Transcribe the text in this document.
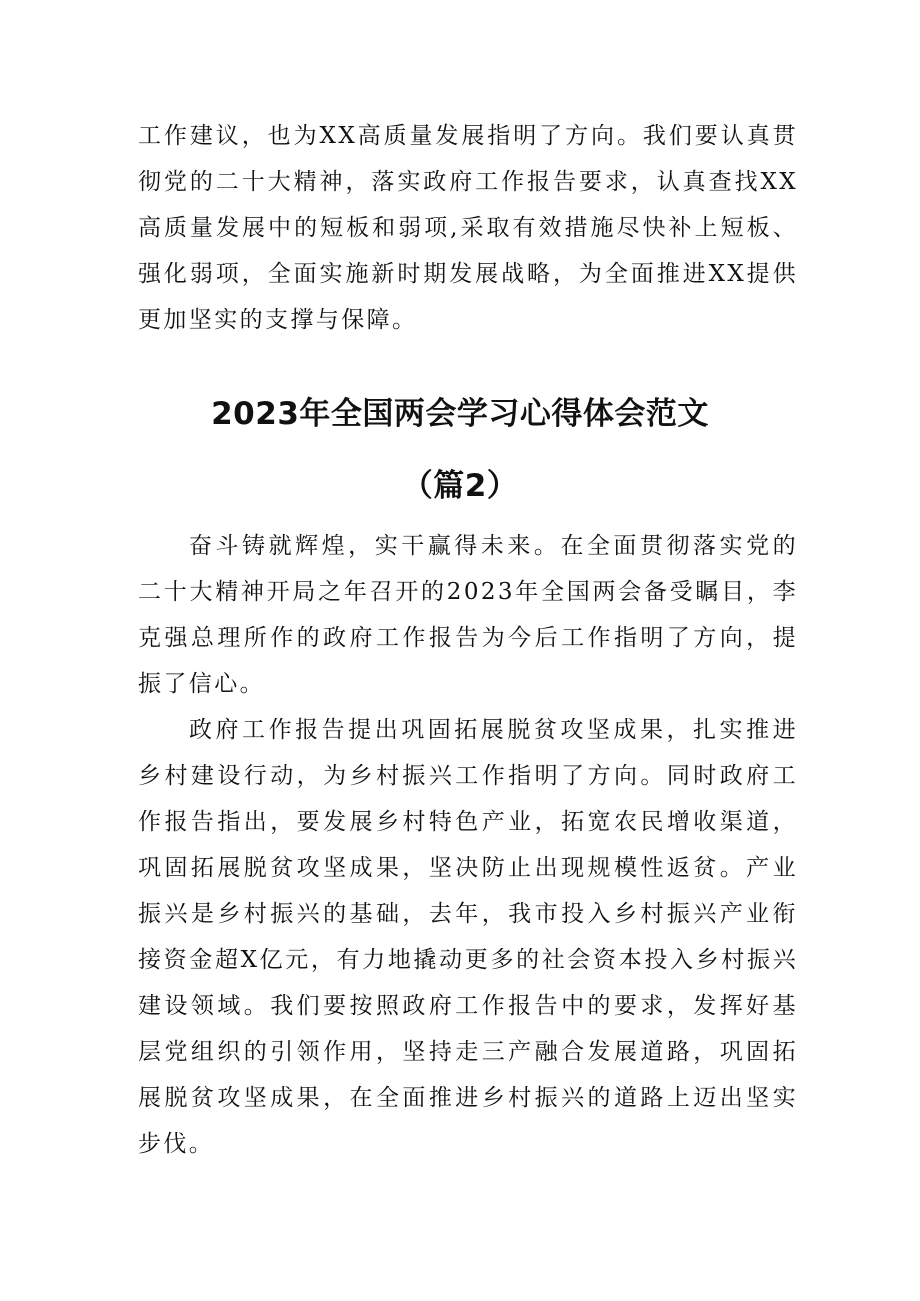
工作建议，也为XX高质量发展指明了方向。我们要认真贯彻党的二十大精神，落实政府工作报告要求，认真查找XX高质量发展中的短板和弱项,采取有效措施尽快补上短板、强化弱项，全面实施新时期发展战略，为全面推进XX提供更加坚实的支撑与保障。

2023年全国两会学习心得体会范文
（篇2）

奋斗铸就辉煌，实干赢得未来。在全面贯彻落实党的二十大精神开局之年召开的2023年全国两会备受瞩目，李克强总理所作的政府工作报告为今后工作指明了方向，提振了信心。

政府工作报告提出巩固拓展脱贫攻坚成果，扎实推进乡村建设行动，为乡村振兴工作指明了方向。同时政府工作报告指出，要发展乡村特色产业，拓宽农民增收渠道，巩固拓展脱贫攻坚成果，坚决防止出现规模性返贫。产业振兴是乡村振兴的基础，去年，我市投入乡村振兴产业衔接资金超X亿元，有力地撬动更多的社会资本投入乡村振兴建设领域。我们要按照政府工作报告中的要求，发挥好基层党组织的引领作用，坚持走三产融合发展道路，巩固拓展脱贫攻坚成果，在全面推进乡村振兴的道路上迈出坚实步伐。
